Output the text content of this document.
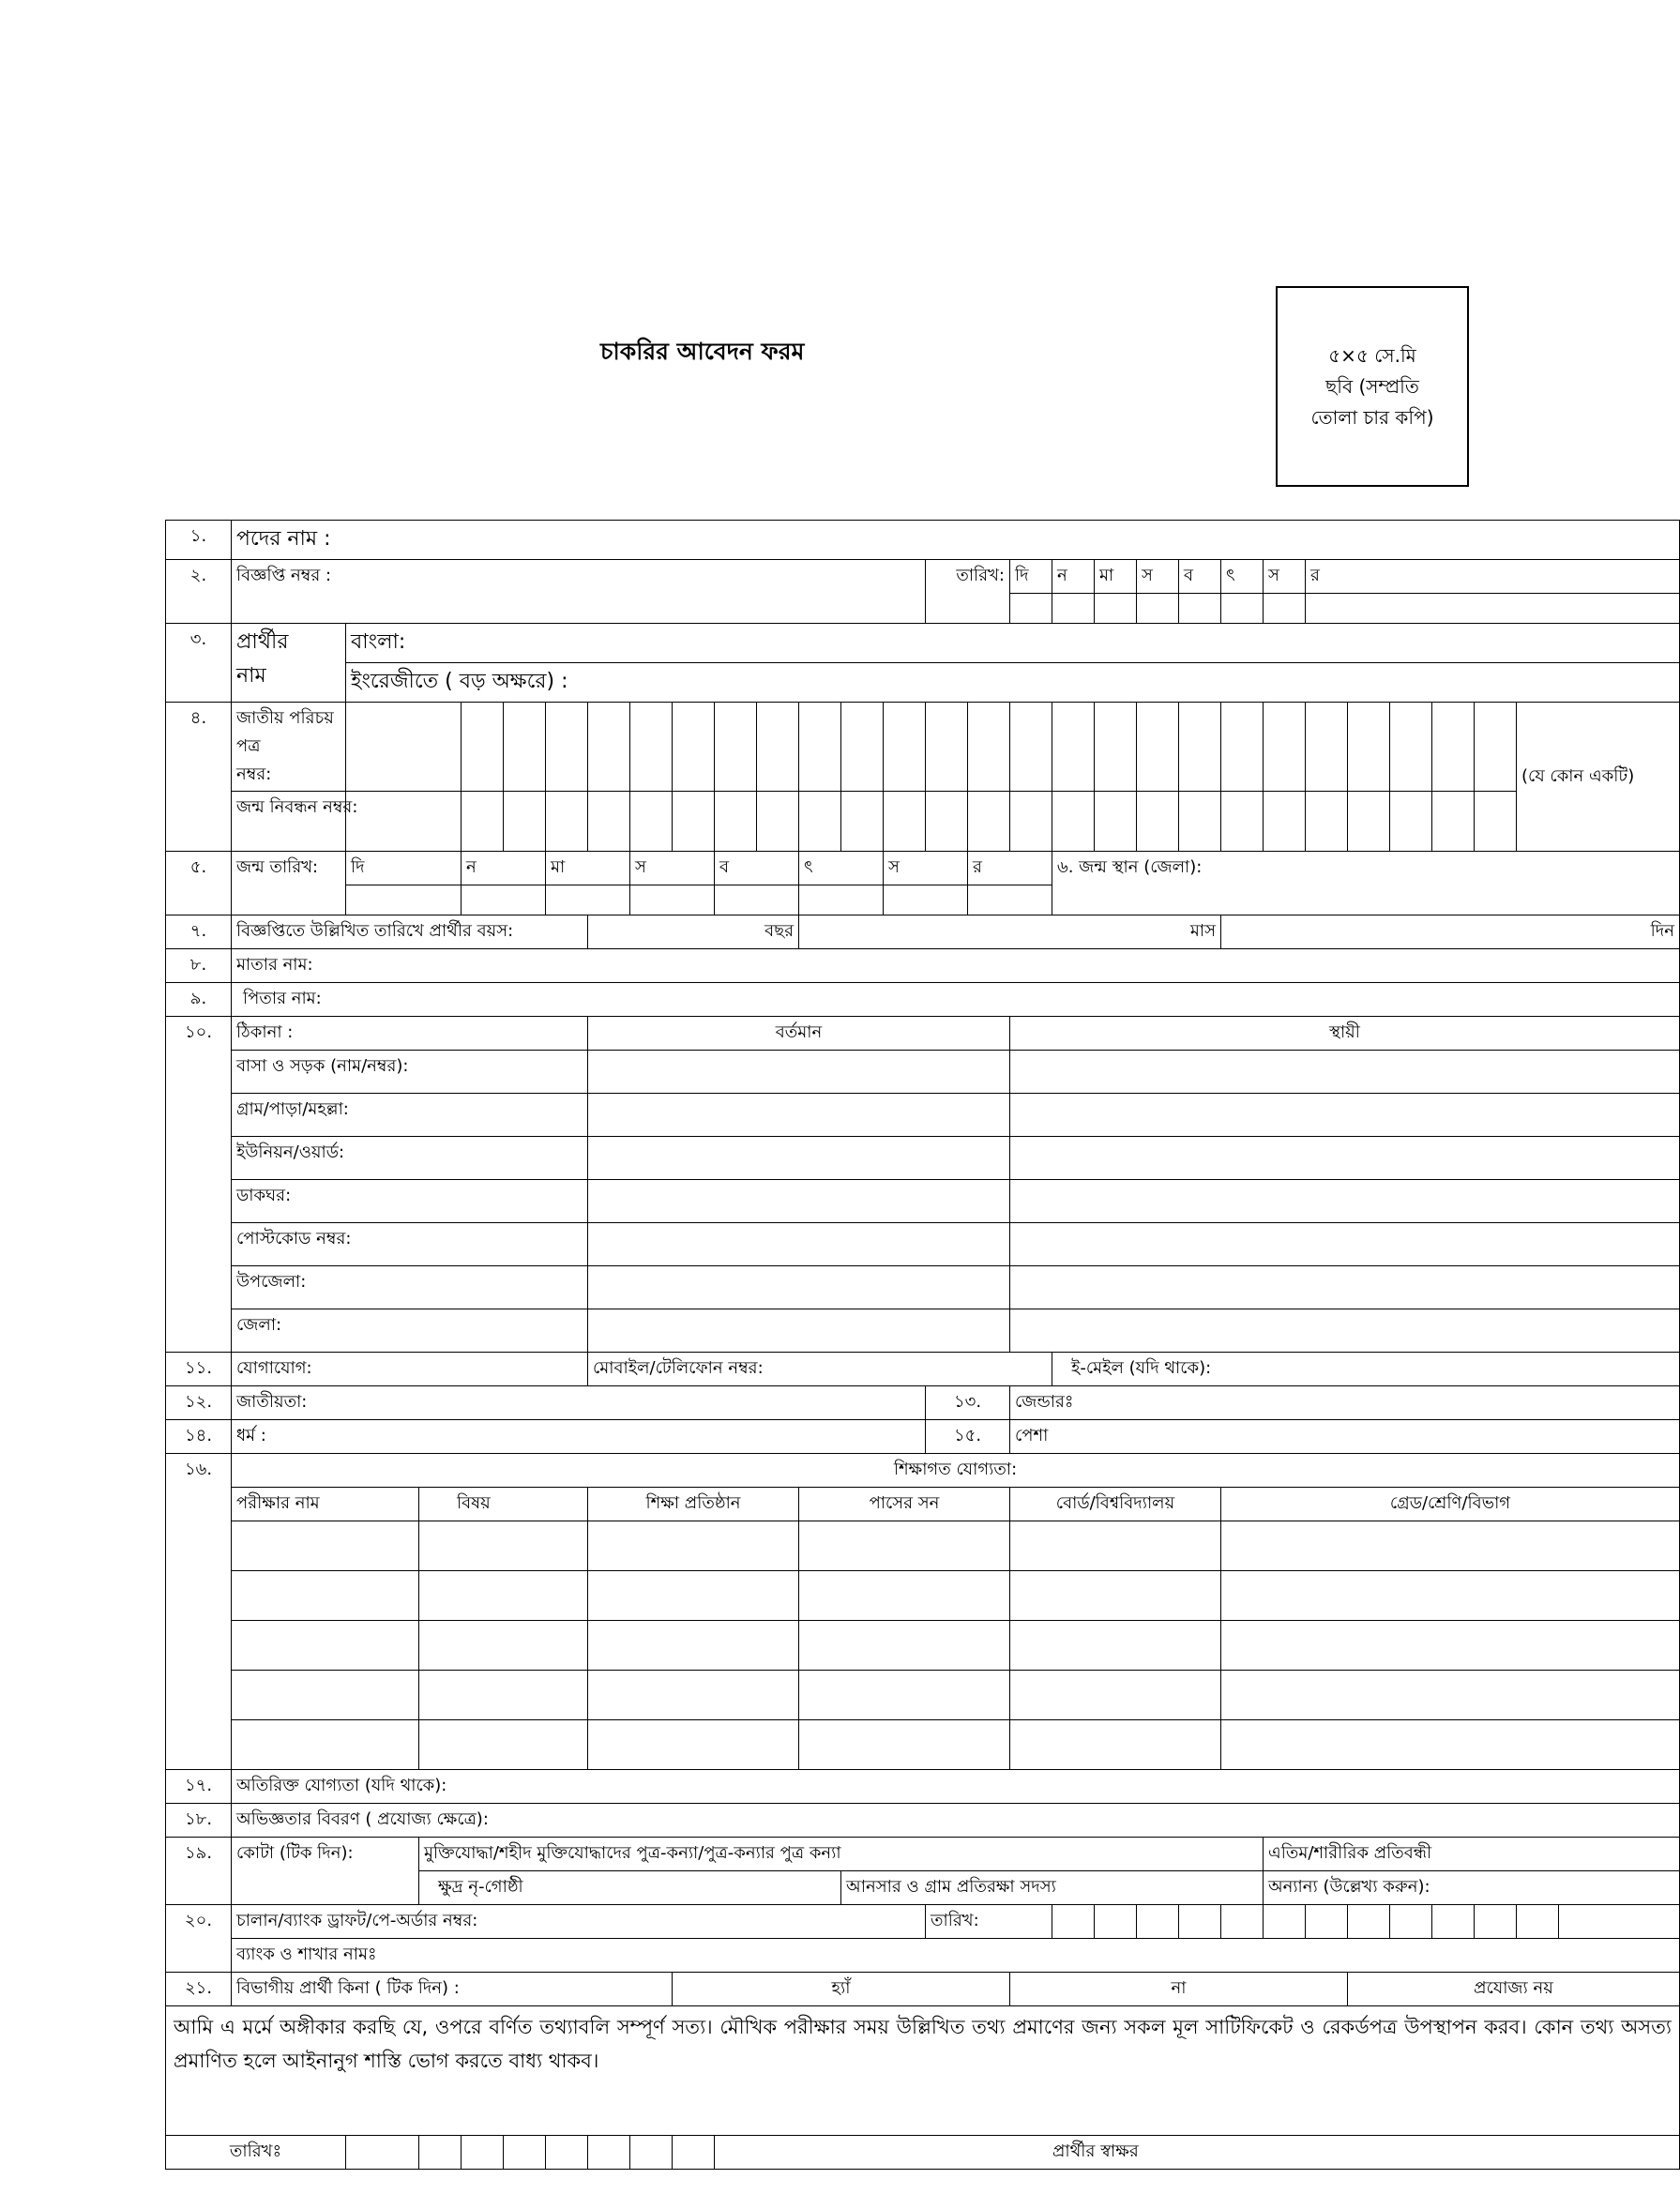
চাকরির আবেদন ফরম	৫×৫ সে.মি
ছবি (সম্প্রতি
তোলা চার কপি)
১.	পদের নাম :																													
২.	বিজ্ঞপ্তি নম্বর :														তারিখ:		দি	ন	মা	স	ব	ৎ	স	র						

৩.	প্রার্থীর
নাম	বাংলা:																												
		ইংরেজীতে ( বড় অক্ষরে) :																												
৪.	জাতীয় পরিচয় পত্র
নম্বর:																												(যে কোন একটি)	
	জন্ম নিবন্ধন নম্বর:																													
৫.	জন্ম তারিখ:	দি		ন		মা		স		ব		ৎ		স		র		৬. জন্ম স্থান (জেলা):												

৭.	বিজ্ঞপ্তিতে উল্লিখিত তারিখে প্রার্থীর বয়স:						বছর					মাস										দিন								
৮.	মাতার নাম:																													
৯.	পিতার নাম:																													
১০.	ঠিকানা :						বর্তমান										স্থায়ী													
	বাসা ও সড়ক (নাম/নম্বর):																													
	গ্রাম/পাড়া/মহল্লা:																													
	ইউনিয়ন/ওয়ার্ড:																													
	ডাকঘর:																													
	পোস্টকোড নম্বর:																													
	উপজেলা:																													
	জেলা:																													
১১.	যোগাযোগ:						মোবাইল/টেলিফোন নম্বর:											ই-মেইল (যদি থাকে):												
১২.	জাতীয়তা:														১৩.		জেন্ডারঃ													
১৪.	ধর্ম :														১৫.		পেশা													
১৬.	শিক্ষাগত যোগ্যতা:																													
	পরীক্ষার নাম		বিষয়				শিক্ষা প্রতিষ্ঠান					পাসের সন					বোর্ড/বিশ্ববিদ্যালয়					গ্রেড/শ্রেণি/বিভাগ								

১৭.	অতিরিক্ত যোগ্যতা (যদি থাকে):																													
১৮.	অভিজ্ঞতার বিবরণ ( প্রযোজ্য ক্ষেত্রে):																													
১৯.	কোটা (টিক দিন):		মুক্তিযোদ্ধা/শহীদ মুক্তিযোদ্ধাদের পুত্র-কন্যা/পুত্র-কন্যার পুত্র কন্যা																				এতিম/শারীরিক প্রতিবন্ধী							
			ক্ষুদ্র নৃ-গোষ্ঠী										আনসার ও গ্রাম প্রতিরক্ষা সদস্য										অন্যান্য (উল্লেখ্য করুন):							
২০.	চালান/ব্যাংক ড্রাফট/পে-অর্ডার নম্বর:														তারিখ:															
	ব্যাংক ও শাখার নামঃ																													
২১.	বিভাগীয় প্রার্থী কিনা ( টিক দিন) :								হ্যাঁ								না								প্রযোজ্য নয়					
আমি এ মর্মে অঙ্গীকার করছি যে, ওপরে বর্ণিত তথ্যাবলি সম্পূর্ণ সত্য। মৌখিক পরীক্ষার সময় উল্লিখিত তথ্য প্রমাণের জন্য সকল মূল সাটিফিকেট ও রেকর্ডপত্র উপস্থাপন করব। কোন তথ্য অসত্য প্রমাণিত হলে আইনানুগ শাস্তি ভোগ করতে বাধ্য থাকব।																														
তারিখঃ										প্রার্থীর স্বাক্ষর																				
